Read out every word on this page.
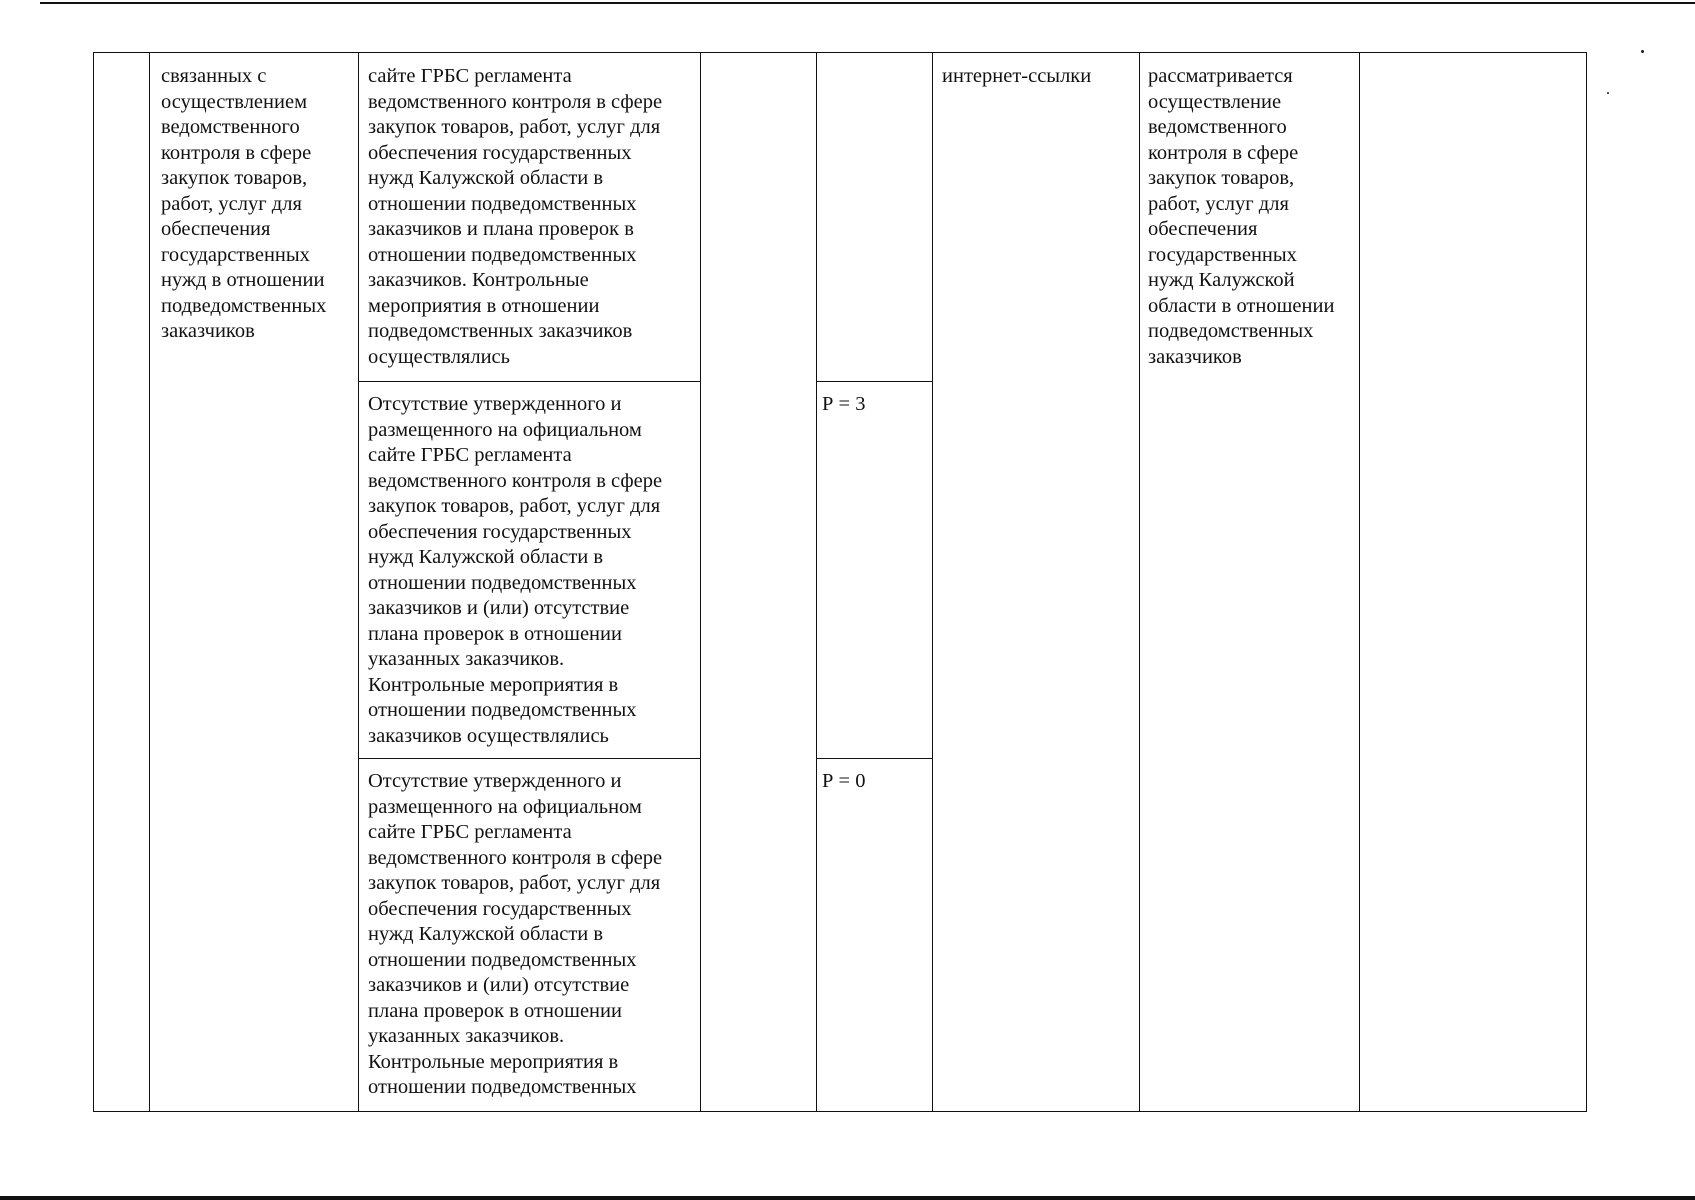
связанных с
осуществлением
ведомственного
контроля в сфере
закупок товаров,
работ, услуг для
обеспечения
государственных
нужд в отношении
подведомственных
заказчиков
сайте ГРБС регламента
ведомственного контроля в сфере
закупок товаров, работ, услуг для
обеспечения государственных
нужд Калужской области в
отношении подведомственных
заказчиков и плана проверок в
отношении подведомственных
заказчиков. Контрольные
мероприятия в отношении
подведомственных заказчиков
осуществлялись
Отсутствие утвержденного и
размещенного на официальном
сайте ГРБС регламента
ведомственного контроля в сфере
закупок товаров, работ, услуг для
обеспечения государственных
нужд Калужской области в
отношении подведомственных
заказчиков и (или) отсутствие
плана проверок в отношении
указанных заказчиков.
Контрольные мероприятия в
отношении подведомственных
заказчиков осуществлялись
Отсутствие утвержденного и
размещенного на официальном
сайте ГРБС регламента
ведомственного контроля в сфере
закупок товаров, работ, услуг для
обеспечения государственных
нужд Калужской области в
отношении подведомственных
заказчиков и (или) отсутствие
плана проверок в отношении
указанных заказчиков.
Контрольные мероприятия в
отношении подведомственных
Р = 3
Р = 0
интернет-ссылки	рассматривается
осуществление
ведомственного
контроля в сфере
закупок товаров,
работ, услуг для
обеспечения
государственных
нужд Калужской
области в отношении
подведомственных
заказчиков
